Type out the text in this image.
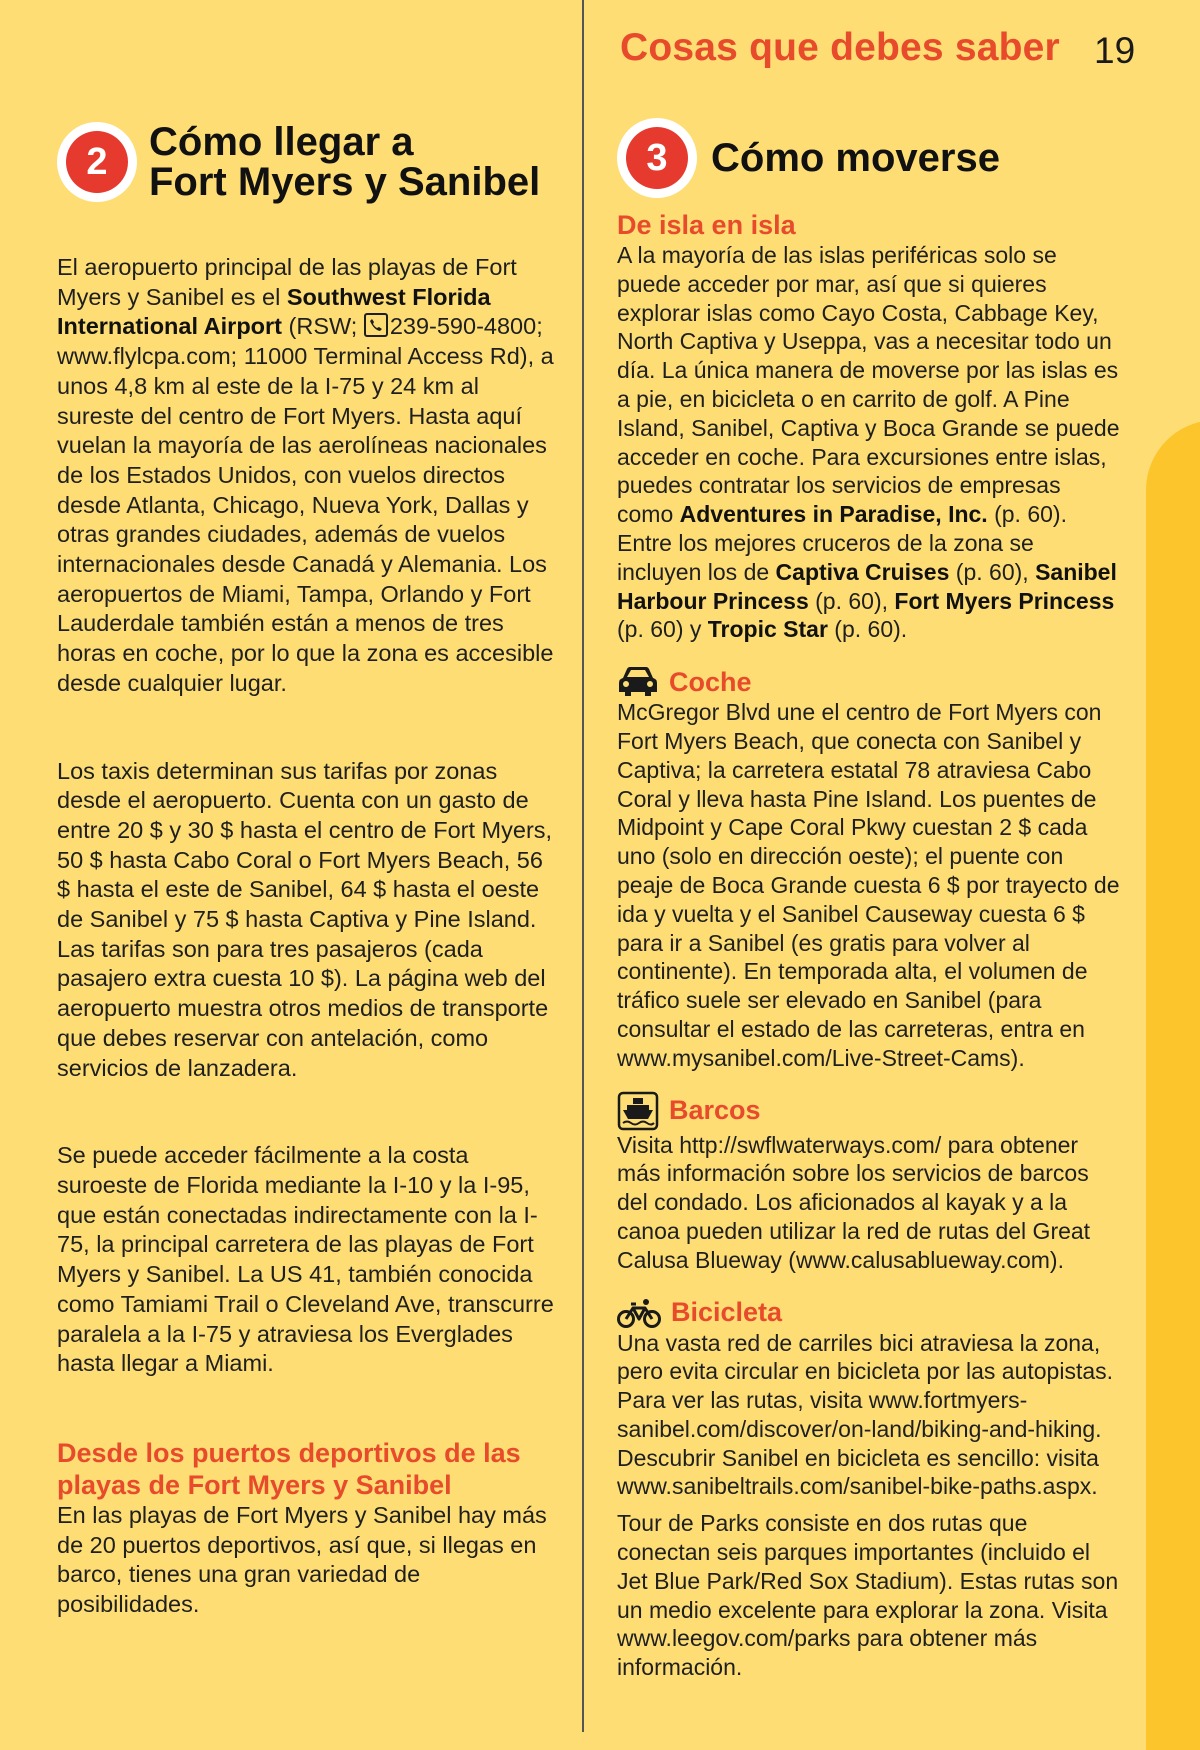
Cosas que debes saber 19
2	Cómo llegar a
Fort Myers y Sanibel

El aeropuerto principal de las playas de Fort Myers y Sanibel es el Southwest Florida International Airport (RSW;
239-590-4800; www.flylcpa.com; 11000 Terminal Access Rd), a unos 4,8 km al este de la I-75 y 24 km al sureste del centro de Fort Myers. Hasta aquí vuelan la mayoría de las aerolíneas nacionales de los Estados Unidos, con vuelos directos desde Atlanta, Chicago, Nueva York, Dallas y otras grandes ciudades, además de vuelos internacionales desde Canadá y Alemania. Los aeropuertos de Miami, Tampa, Orlando y Fort Lauderdale también están a menos de tres horas en coche, por lo que la zona es accesible desde cualquier lugar.

Los taxis determinan sus tarifas por zonas desde el aeropuerto. Cuenta con un gasto de entre 20 $ y 30 $ hasta el centro de Fort Myers, 50 $ hasta Cabo Coral o Fort Myers Beach, 56 $ hasta el este de Sanibel, 64 $ hasta el oeste de Sanibel y 75 $ hasta Captiva y Pine Island. Las tarifas son para tres pasajeros (cada pasajero extra cuesta 10 $). La página web del aeropuerto muestra otros medios de transporte que debes reservar con antelación, como servicios de lanzadera.

Se puede acceder fácilmente a la costa suroeste de Florida mediante la I-10 y la I-95, que están conectadas indirectamente con la I-75, la principal carretera de las playas de Fort Myers y Sanibel. La US 41, también conocida como Tamiami Trail o Cleveland Ave, transcurre paralela a la I-75 y atraviesa los Everglades hasta llegar a Miami.

Desde los puertos deportivos de las playas de Fort Myers y Sanibel

En las playas de Fort Myers y Sanibel hay más de 20 puertos deportivos, así que, si llegas en barco, tienes una gran variedad de posibilidades.

3	Cómo moverse
De isla en isla

A la mayoría de las islas periféricas solo se puede acceder por mar, así que si quieres explorar islas como Cayo Costa, Cabbage Key, North Captiva y Useppa, vas a necesitar todo un día. La única manera de moverse por las islas es a pie, en bicicleta o en carrito de golf. A Pine Island, Sanibel, Captiva y Boca Grande se puede acceder en coche. Para excursiones entre islas, puedes contratar los servicios de empresas como Adventures in Paradise, Inc. (p. 60). Entre los mejores cruceros de la zona se incluyen los de Captiva Cruises (p. 60), Sanibel Harbour Princess (p. 60), Fort Myers Princess (p. 60) y Tropic Star (p. 60).

Coche

McGregor Blvd une el centro de Fort Myers con Fort Myers Beach, que conecta con Sanibel y Captiva; la carretera estatal 78 atraviesa Cabo Coral y lleva hasta Pine Island. Los puentes de Midpoint y Cape Coral Pkwy cuestan 2 $ cada uno (solo en dirección oeste); el puente con peaje de Boca Grande cuesta 6 $ por trayecto de ida y vuelta y el Sanibel Causeway cuesta 6 $ para ir a Sanibel (es gratis para volver al continente). En temporada alta, el volumen de tráfico suele ser elevado en Sanibel (para consultar el estado de las carreteras, entra en www.mysanibel.com/Live-Street-Cams).

Barcos

Visita http://swflwaterways.com/ para obtener más información sobre los servicios de barcos del condado. Los aficionados al kayak y a la canoa pueden utilizar la red de rutas del Great Calusa Blueway (www.calusablueway.com).

Bicicleta

Una vasta red de carriles bici atraviesa la zona, pero evita circular en bicicleta por las autopistas. Para ver las rutas, visita www.fortmyers-sanibel.com/discover/on-land/biking-and-hiking. Descubrir Sanibel en bicicleta es sencillo: visita www.sanibeltrails.com/sanibel-bike-paths.aspx.

Tour de Parks consiste en dos rutas que conectan seis parques importantes (incluido el Jet Blue Park/Red Sox Stadium). Estas rutas son un medio excelente para explorar la zona. Visita www.leegov.com/parks para obtener más información.
